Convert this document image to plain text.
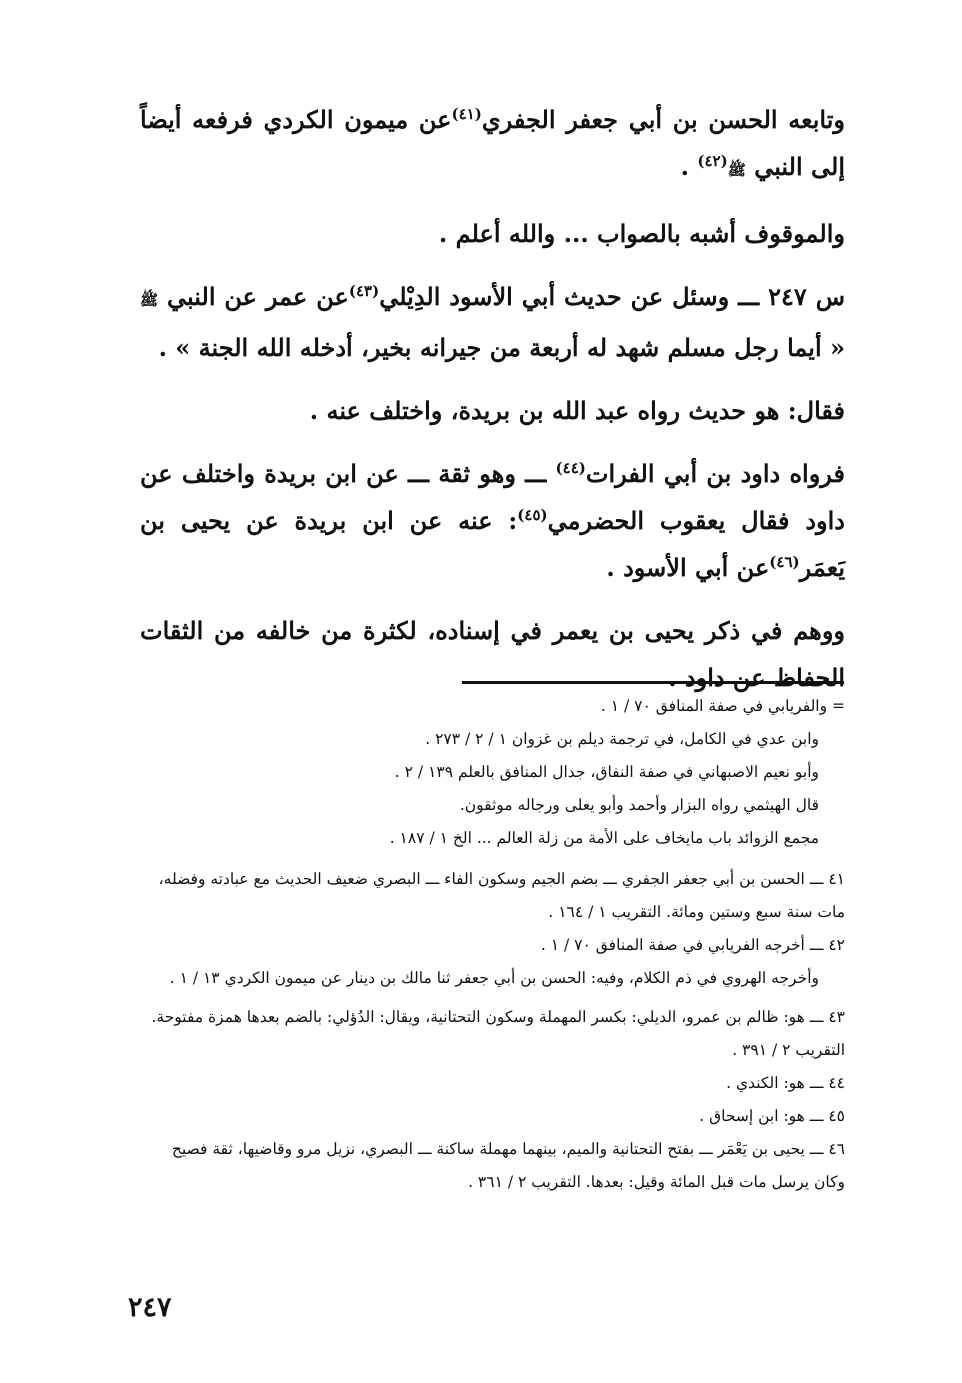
وتابعه الحسن بن أبي جعفر الجفري$^{(٤١)}$عن ميمون الكردي فرفعه أيضاً إلى النبي ﷺ$^{(٤٢)}$ .

والموقوف أشبه بالصواب ... والله أعلم .

س ٢٤٧ ـــ وسئل عن حديث أبي الأسود الدِيْلي$^{(٤٣)}$عن عمر عن النبي ﷺ « أيما رجل مسلم شهد له أربعة من جيرانه بخير، أدخله الله الجنة » .

فقال: هو حديث رواه عبد الله بن بريدة، واختلف عنه .

فرواه داود بن أبي الفرات$^{(٤٤)}$ ـــ وهو ثقة ـــ عن ابن بريدة واختلف عن داود فقال يعقوب الحضرمي$^{(٤٥)}$: عنه عن ابن بريدة عن يحيى بن يَعمَر$^{(٤٦)}$عن أبي الأسود .

ووهم في ذكر يحيى بن يعمر في إسناده، لكثرة من خالفه من الثقات الحفاظ عن داود .

= والفريابي في صفة المنافق ٧٠ / ١ .

وابن عدي في الكامل، في ترجمة ديلم بن غزوان ١ / ٢ / ٢٧٣ .

وأبو نعيم الاصبهاني في صفة النفاق، جدال المنافق بالعلم ١٣٩ / ٢ .

قال الهيثمي رواه البزار وأحمد وأبو يعلى ورجاله موثقون.

مجمع الزوائد باب مايخاف على الأمة من زلة العالم ... الخ ١ / ١٨٧ .

٤١ ـــ الحسن بن أبي جعفر الجفري ـــ بضم الجيم وسكون الفاء ـــ البصري ضعيف الحديث مع عبادته وفضله، مات سنة سبع وستين ومائة. التقريب ١ / ١٦٤ .

٤٢ ـــ أخرجه الفريابي في صفة المنافق ٧٠ / ١ .

وأخرجه الهروي في ذم الكلام، وفيه: الحسن بن أبي جعفر ثنا مالك بن دينار عن ميمون الكردي ١٣ / ١ .

٤٣ ـــ هو: ظالم بن عمرو، الديلي: بكسر المهملة وسكون التحتانية، ويقال: الدُؤلي: بالضم بعدها همزة مفتوحة. التقريب ٢ / ٣٩١ .

٤٤ ـــ هو: الكندي .

٤٥ ـــ هو: ابن إسحاق .

٤٦ ـــ يحيى بن يَعْمَر ـــ بفتح التحتانية والميم، بينهما مهملة ساكنة ـــ البصري، نزيل مرو وقاضيها، ثقة فصيح وكان يرسل مات قبل المائة وقيل: بعدها. التقريب ٢ / ٣٦١ .

٢٤٧
